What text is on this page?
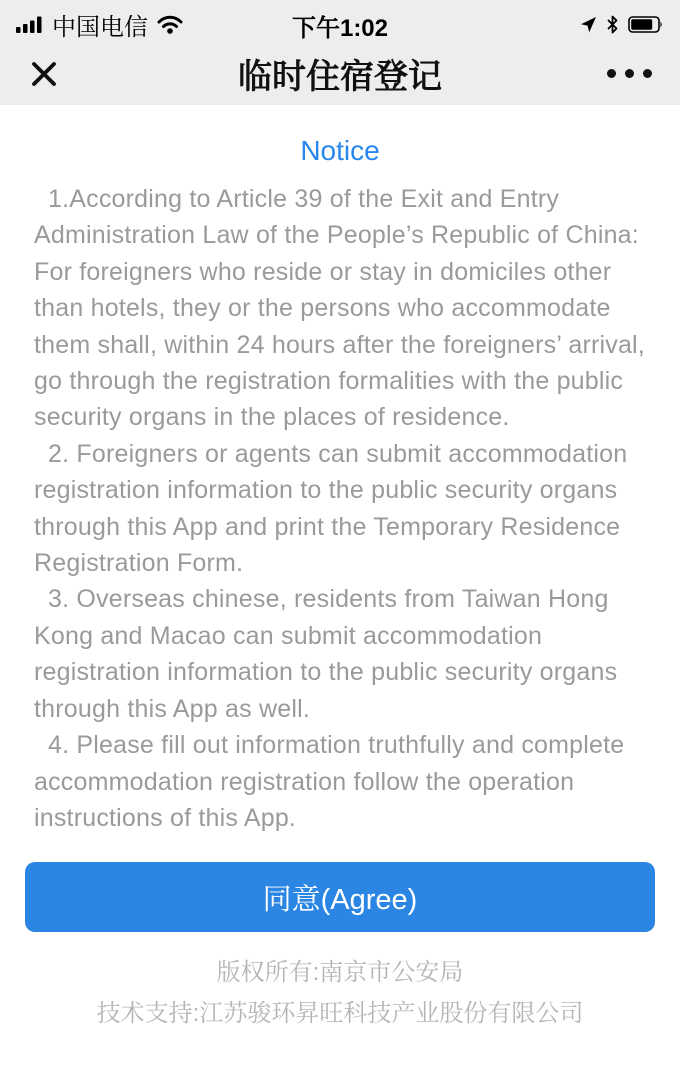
中国电信	下午1:02
临时住宿登记
Notice

1.According to Article 39 of the Exit and Entry Administration Law of the People’s Republic of China: For foreigners who reside or stay in domiciles other than hotels, they or the persons who accommodate them shall, within 24 hours after the foreigners’ arrival, go through the registration formalities with the public security organs in the places of residence.

2. Foreigners or agents can submit accommodation registration information to the public security organs through this App and print the Temporary Residence Registration Form.

3. Overseas chinese, residents from Taiwan Hong Kong and Macao can submit accommodation registration information to the public security organs through this App as well.

4. Please fill out information truthfully and complete accommodation registration follow the operation instructions of this App.

同意(Agree)
版权所有:南京市公安局
技术支持:江苏骏环昇旺科技产业股份有限公司
